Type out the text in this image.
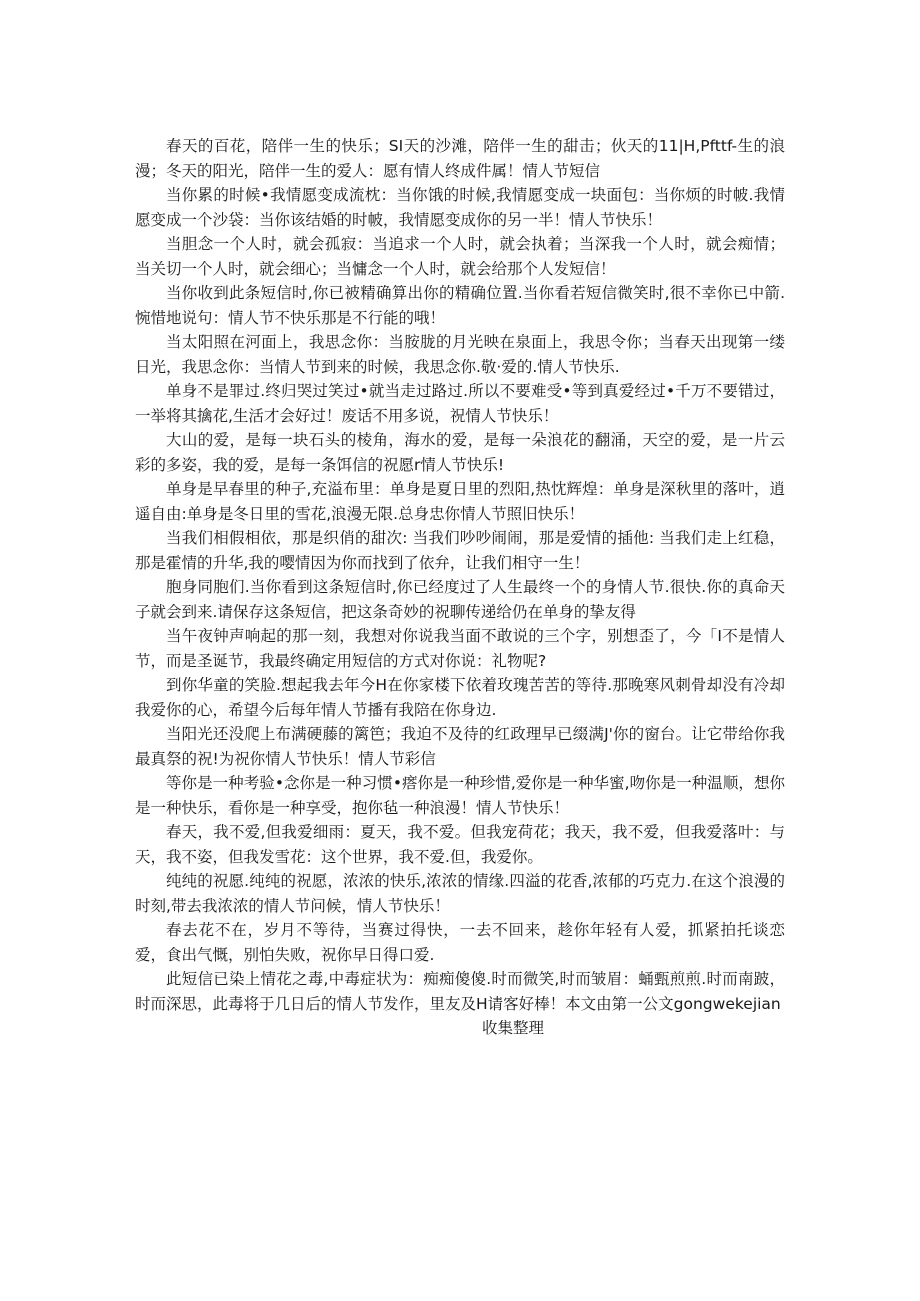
春天的百花，陪伴一生的快乐；SI天的沙滩，陪伴一生的甜击；伙天的11|H,Pfttf-生的浪漫；冬天的阳光，陪伴一生的爱人：愿有情人终成件属！情人节短信

当你累的时候•我情愿变成流枕：当你饿的时候,我情愿变成一块面包：当你烦的时帔.我情愿变成一个沙袋：当你该结婚的时帔，我情愿变成你的另一半！情人节快乐！

当胆念一个人时，就会孤寂：当追求一个人时，就会执着；当深我一个人时，就会痴情；当关切一个人时，就会细心；当慵念一个人时，就会给那个人发短信！

当你收到此条短信时,你已被精确算出你的精确位置.当你看若短信微笑时,很不幸你已中箭.惋惜地说句：情人节不快乐那是不行能的哦！

当太阳照在河面上，我思念你：当胺胧的月光映在泉面上，我思令你；当春天出现第一缕日光，我思念你：当情人节到来的时候，我思念你.敬·爱的.情人节快乐.

单身不是罪过.终归哭过笑过•就当走过路过.所以不要难受•等到真爱经过•千万不要错过，一举将其擒花,生活才会好过！废话不用多说，祝情人节快乐！

大山的爱，是每一块石头的棱角，海水的爱，是每一朵浪花的翻涌，天空的爱，是一片云彩的多姿，我的爱，是每一条饵信的祝愿r情人节快乐!

单身是早春里的种子,充溢布里：单身是夏日里的烈阳,热忱辉煌：单身是深秋里的落叶，逍遥自由:单身是冬日里的雪花,浪漫无限.总身忠你情人节照旧快乐！

当我们相假相依，那是织俏的甜次: 当我们吵吵闹闹，那是爱情的插他: 当我们走上红稳，那是霍情的升华,我的嘤情因为你而找到了依弁，让我们相守一生！

胞身同胞们.当你看到这条短信时,你已经度过了人生最终一个的身情人节.很快.你的真命天子就会到来.请保存这条短信，把这条奇妙的祝聊传递给仍在单身的挚友得

当午夜钟声响起的那一刻，我想对你说我当面不敢说的三个字，别想歪了，今「I不是情人节，而是圣诞节，我最终确定用短信的方式对你说：礼物呢?

到你华童的笑脸.想起我去年今H在你家楼下依着玫瑰苦苦的等待.那晚寒风刺骨却没有冷却我爱你的心，希望今后每年情人节播有我陪在你身边.

当阳光还没爬上布满硬藤的篱笆；我迫不及待的红政理早已缀满J'你的窗台。让它带给你我最真祭的祝!为祝你情人节快乐！情人节彩信

等你是一种考验•念你是一种习惯•瘩你是一种珍惜,爱你是一种华蜜,吻你是一种温顺，想你是一种快乐，看你是一种享受，抱你毡一种浪漫！情人节快乐！

春天，我不爱,但我爱细雨：夏天，我不爱。但我宠荷花；我天，我不爱，但我爱落叶：与天，我不姿，但我发雪花：这个世界，我不爱.但，我爱你。

纯纯的祝愿.纯纯的祝愿，浓浓的快乐,浓浓的情缘.四溢的花香,浓郁的巧克力.在这个浪漫的时刻,带去我浓浓的情人节问候，情人节快乐！

春去花不在，岁月不等待，当赛过得快，一去不回来，趁你年轻有人爱，抓紧拍托谈恋爱，食出气慨，别怕失败，祝你早日得口爱.

此短信已染上情花之毒,中毒症状为：痴痴傻傻.时而微笑,时而皱眉：蛹甄煎煎.时而南跛，时而深思，此毒将于几日后的情人节发作，里友及H请客好棒！本文由第一公文gongwekejian

收集整理
